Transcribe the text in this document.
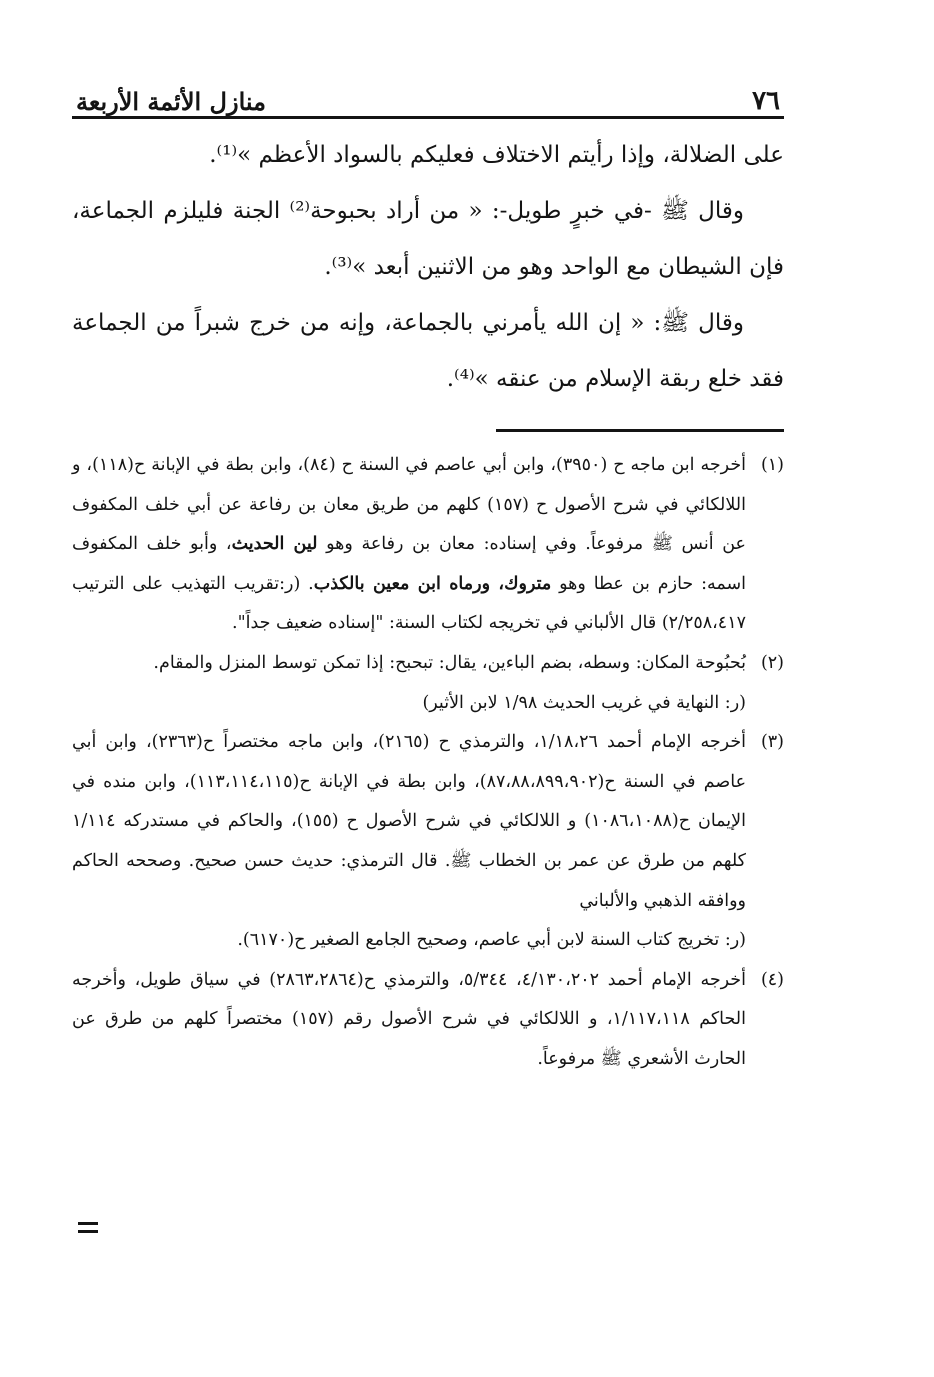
٧٦
منازل الأئمة الأربعة

على الضلالة، وإذا رأيتم الاختلاف فعليكم بالسواد الأعظم »⁽¹⁾.

وقال ﷺ -في خبرٍ طويل-: « من أراد بحبوحة⁽²⁾ الجنة فليلزم الجماعة، فإن الشيطان مع الواحد وهو من الاثنين أبعد »⁽³⁾.

وقال ﷺ: « إن الله يأمرني بالجماعة، وإنه من خرج شبراً من الجماعة فقد خلع ربقة الإسلام من عنقه »⁽⁴⁾.

(١)
أخرجه ابن ماجه ح (٣٩٥٠)، وابن أبي عاصم في السنة ح (٨٤)، وابن بطة في الإبانة ح(١١٨)، و اللالكائي في شرح الأصول ح (١٥٧) كلهم من طريق معان بن رفاعة عن أبي خلف المكفوف عن أنس ﷺ مرفوعاً. وفي إسناده: معان بن رفاعة وهو لين الحديث، وأبو خلف المكفوف اسمه: حازم بن عطا وهو متروك، ورماه ابن معين بالكذب. (ر:تقريب التهذيب على الترتيب ٢/٢٥٨،٤١٧) قال الألباني في تخريجه لكتاب السنة: "إسناده ضعيف جداً".
(٢)
بُحبُوحة المكان: وسطه، بضم الباءين، يقال: تبحبح: إذا تمكن توسط المنزل والمقام.
(ر: النهاية في غريب الحديث ١/٩٨ لابن الأثير)
(٣)
أخرجه الإمام أحمد ١/١٨،٢٦، والترمذي ح (٢١٦٥)، وابن ماجه مختصراً ح(٢٣٦٣)، وابن أبي عاصم في السنة ح(٨٧،٨٨،٨٩٩،٩٠٢)، وابن بطة في الإبانة ح(١١٣،١١٤،١١٥)، وابن منده في الإيمان ح(١٠٨٦،١٠٨٨) و اللالكائي في شرح الأصول ح (١٥٥)، والحاكم في مستدركه ١/١١٤ كلهم من طرق عن عمر بن الخطاب ﷺ. قال الترمذي: حديث حسن صحيح. وصححه الحاكم ووافقه الذهبي والألباني
(ر: تخريج كتاب السنة لابن أبي عاصم، وصحيح الجامع الصغير ح(٦١٧٠).
(٤)
أخرجه الإمام أحمد ٤/١٣٠،٢٠٢، ٥/٣٤٤، والترمذي ح(٢٨٦٣،٢٨٦٤) في سياق طويل، وأخرجه الحاكم ١/١١٧،١١٨، و اللالكائي في شرح الأصول رقم (١٥٧) مختصراً كلهم من طرق عن الحارث الأشعري ﷺ مرفوعاً.
